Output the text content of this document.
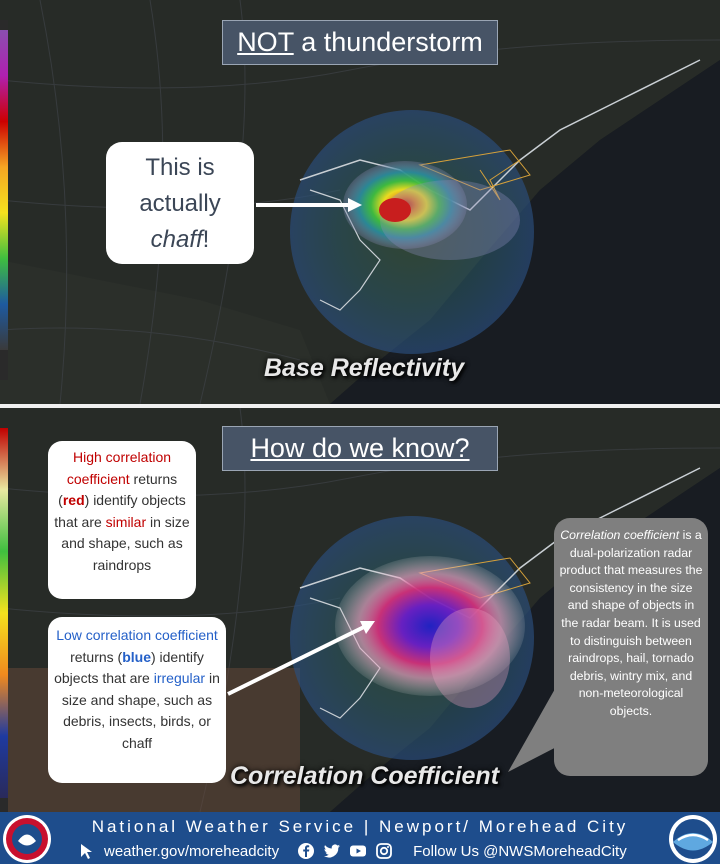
NOT a thunderstorm
This is
actually
chaff!
Base Reflectivity
How do we know?
Correlation Coefficient
High correlation coefficient returns (red) identify objects that are similar in size and shape, such as raindrops
Low correlation coefficient returns (blue) identify objects that are irregular in size and shape, such as debris, insects, birds, or chaff
Correlation coefficient is a dual-polarization radar product that measures the consistency in the size and shape of objects in the radar beam. It is used to distinguish between raindrops, hail, tornado debris, wintry mix, and non-meteorological objects.
National Weather Service | Newport/ Morehead City
weather.gov/moreheadcity	Follow Us @NWSMoreheadCity
